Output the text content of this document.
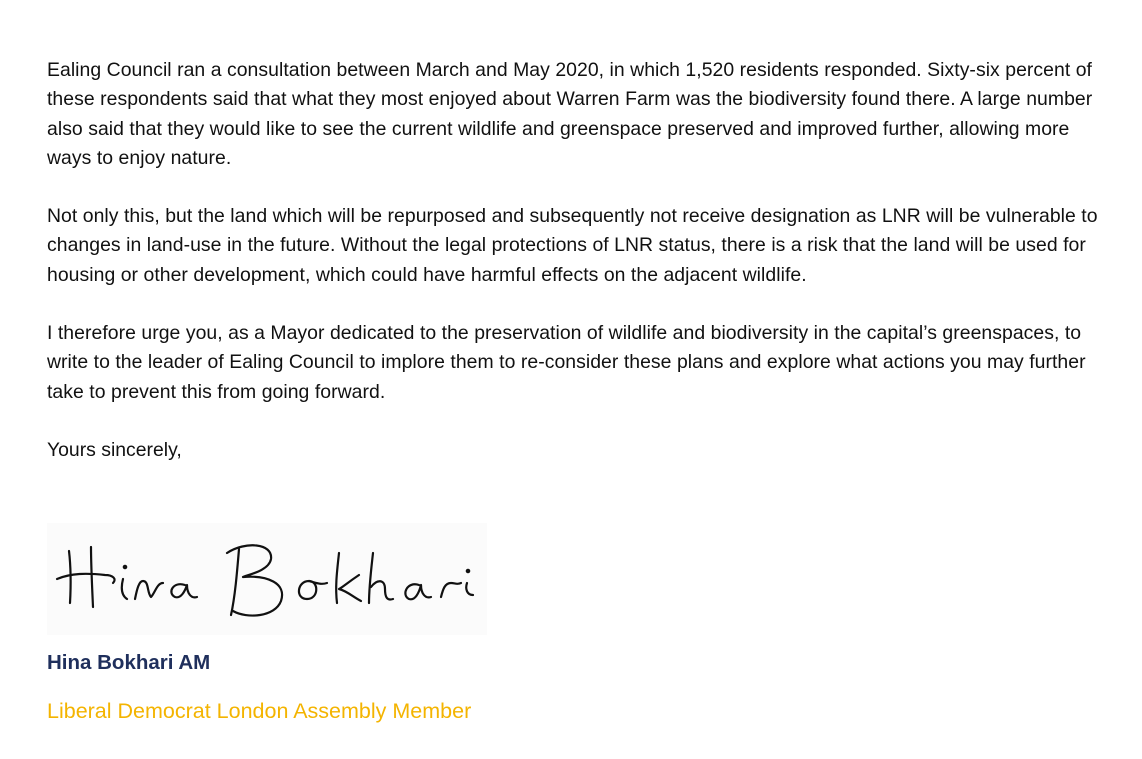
Ealing Council ran a consultation between March and May 2020, in which 1,520 residents responded. Sixty-six percent of these respondents said that what they most enjoyed about Warren Farm was the biodiversity found there. A large number also said that they would like to see the current wildlife and greenspace preserved and improved further, allowing more ways to enjoy nature.

Not only this, but the land which will be repurposed and subsequently not receive designation as LNR will be vulnerable to changes in land-use in the future. Without the legal protections of LNR status, there is a risk that the land will be used for housing or other development, which could have harmful effects on the adjacent wildlife.

I therefore urge you, as a Mayor dedicated to the preservation of wildlife and biodiversity in the capital’s greenspaces, to write to the leader of Ealing Council to implore them to re-consider these plans and explore what actions you may further take to prevent this from going forward.

Yours sincerely,

Hina Bokhari AM

Liberal Democrat London Assembly Member
